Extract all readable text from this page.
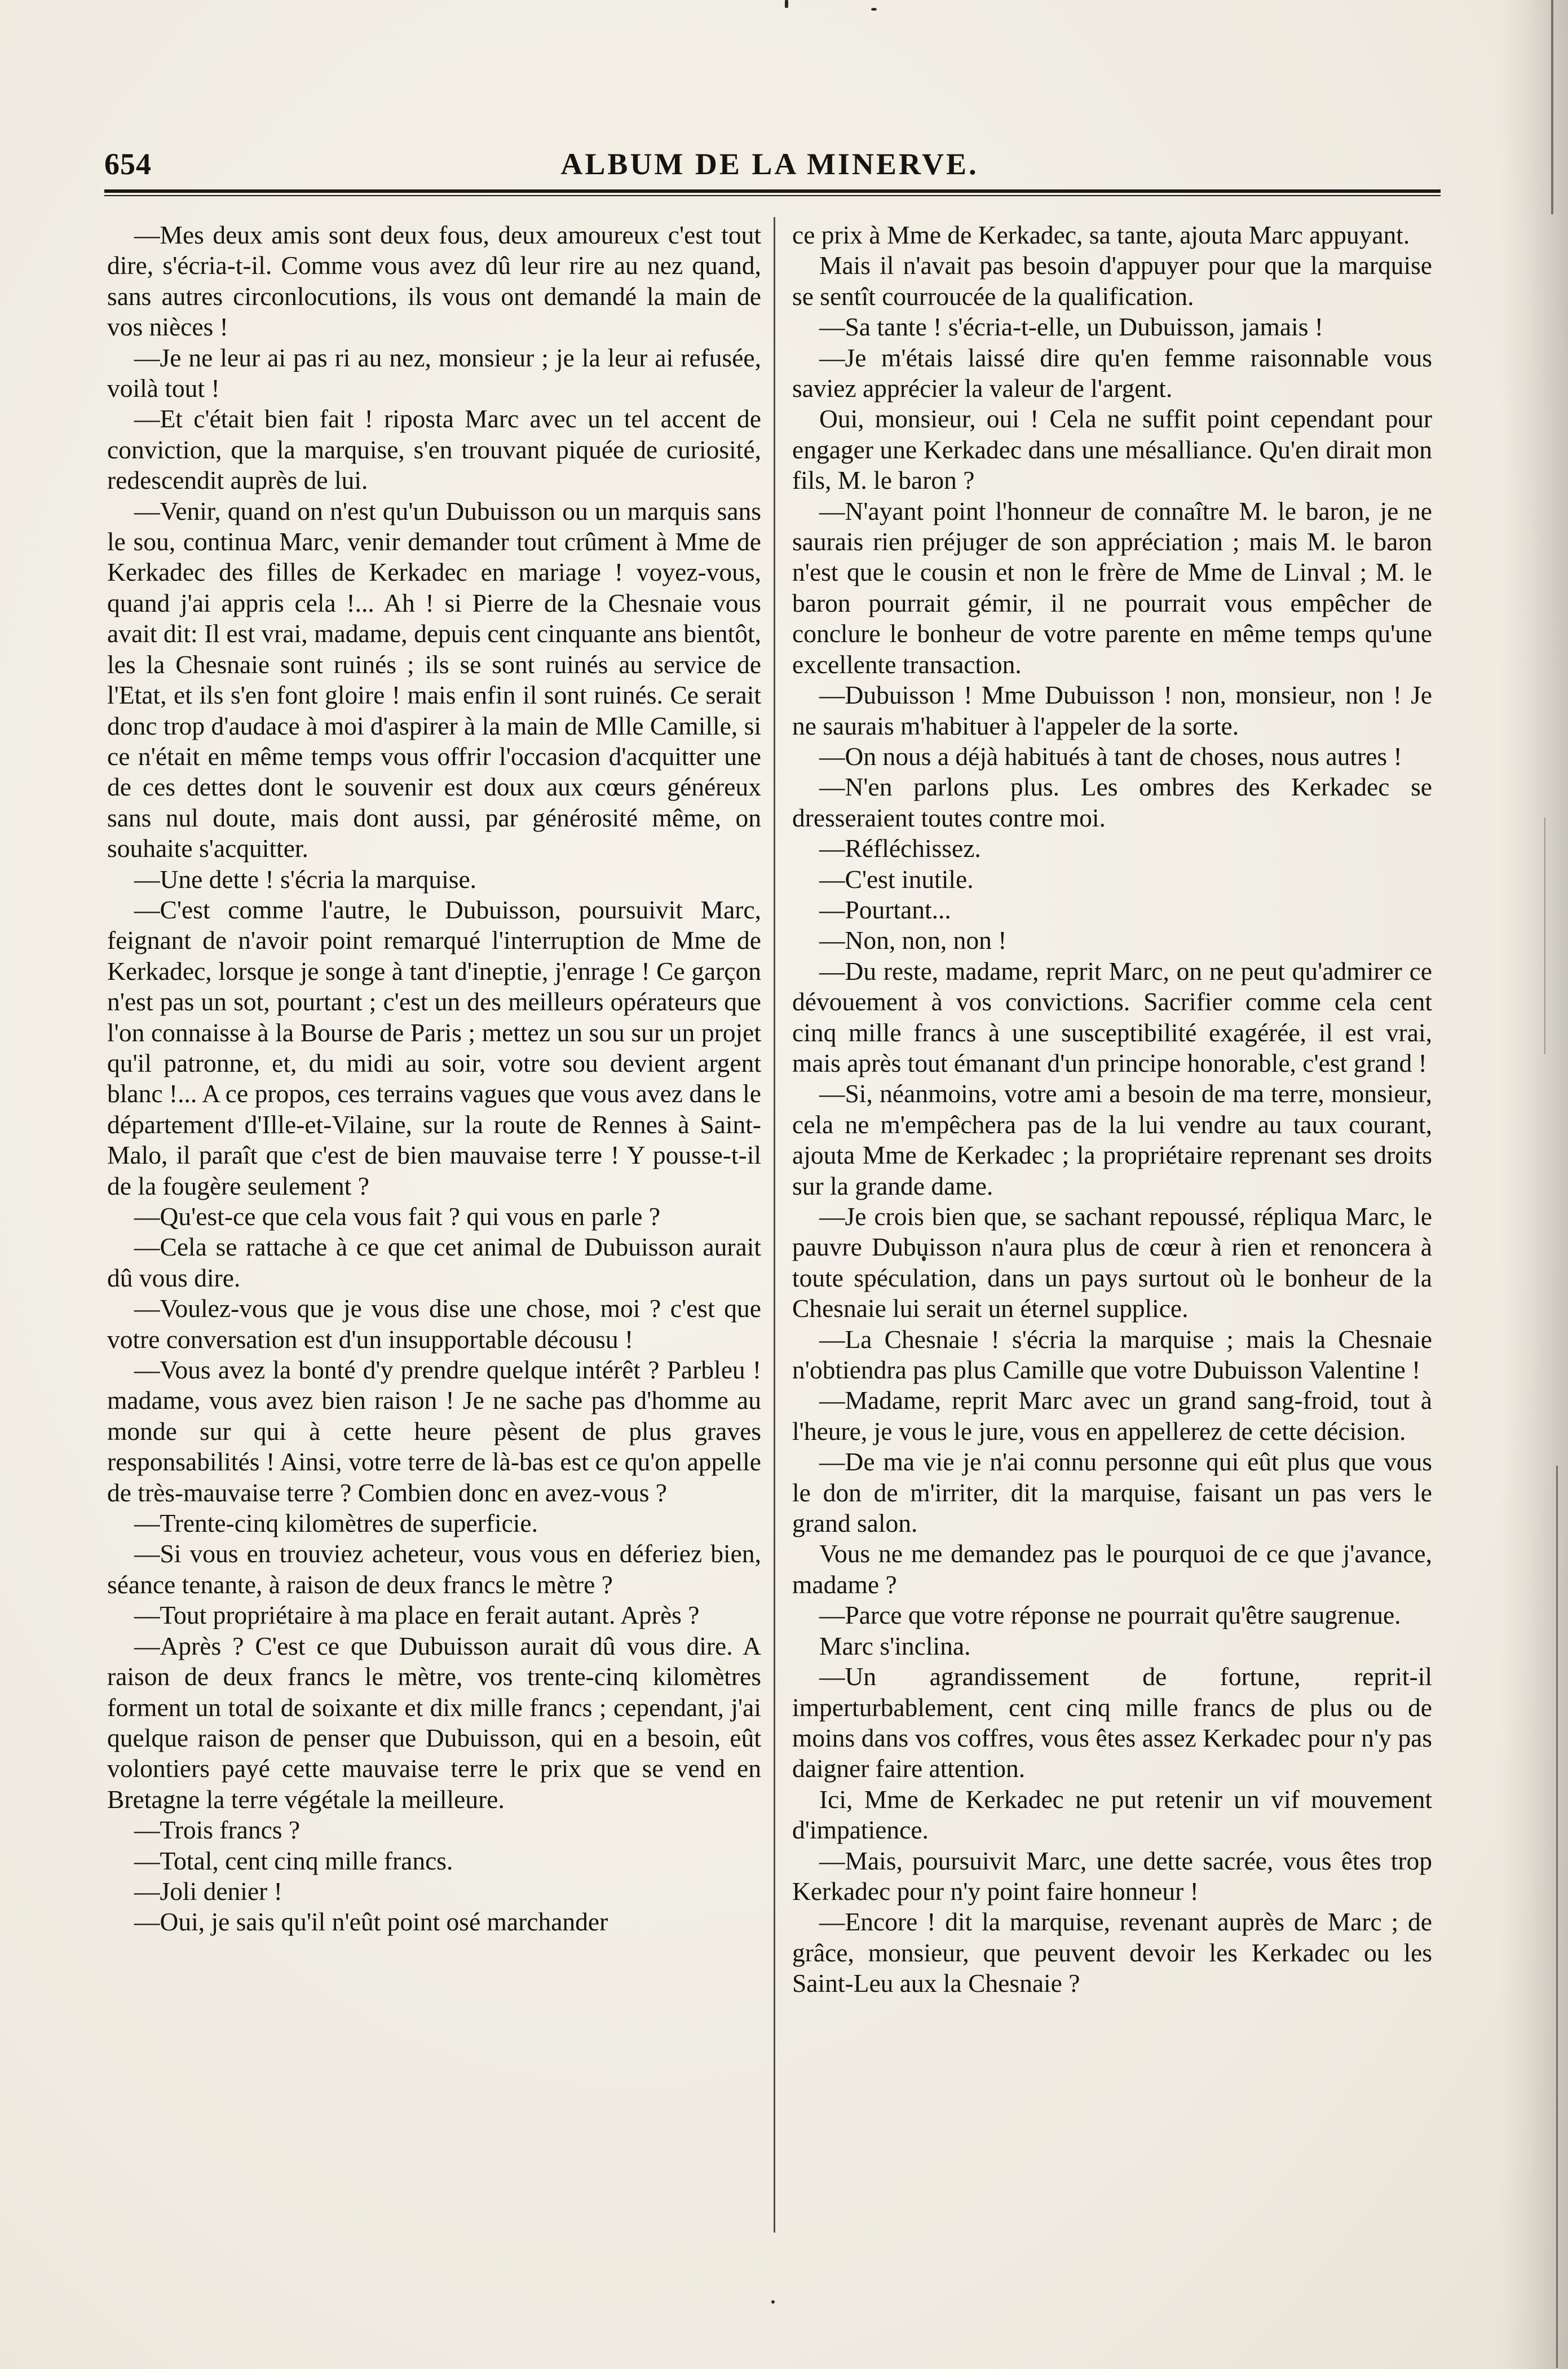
654	ALBUM DE LA MINERVE.

—Mes deux amis sont deux fous, deux amoureux c'est tout dire, s'écria-t-il. Comme vous avez dû leur rire au nez quand, sans autres circonlocutions, ils vous ont demandé la main de vos nièces !

—Je ne leur ai pas ri au nez, monsieur ; je la leur ai refusée, voilà tout !

—Et c'était bien fait ! riposta Marc avec un tel accent de conviction, que la marquise, s'en trouvant piquée de curiosité, redescendit auprès de lui.

—Venir, quand on n'est qu'un Dubuisson ou un marquis sans le sou, continua Marc, venir demander tout crûment à Mme de Kerkadec des filles de Kerkadec en mariage ! voyez-vous, quand j'ai appris cela !... Ah ! si Pierre de la Chesnaie vous avait dit: Il est vrai, madame, depuis cent cinquante ans bientôt, les la Chesnaie sont ruinés ; ils se sont ruinés au service de l'Etat, et ils s'en font gloire ! mais enfin il sont ruinés. Ce serait donc trop d'audace à moi d'aspirer à la main de Mlle Camille, si ce n'était en même temps vous offrir l'occasion d'acquitter une de ces dettes dont le souvenir est doux aux cœurs généreux sans nul doute, mais dont aussi, par générosité même, on souhaite s'acquitter.

—Une dette ! s'écria la marquise.

—C'est comme l'autre, le Dubuisson, poursuivit Marc, feignant de n'avoir point remarqué l'interruption de Mme de Kerkadec, lorsque je songe à tant d'ineptie, j'enrage ! Ce garçon n'est pas un sot, pourtant ; c'est un des meilleurs opérateurs que l'on connaisse à la Bourse de Paris ; mettez un sou sur un projet qu'il patronne, et, du midi au soir, votre sou devient argent blanc !... A ce propos, ces terrains vagues que vous avez dans le département d'Ille-et-Vilaine, sur la route de Rennes à Saint-Malo, il paraît que c'est de bien mauvaise terre ! Y pousse-t-il de la fougère seulement ?

—Qu'est-ce que cela vous fait ? qui vous en parle ?

—Cela se rattache à ce que cet animal de Dubuisson aurait dû vous dire.

—Voulez-vous que je vous dise une chose, moi ? c'est que votre conversation est d'un insupportable décousu !

—Vous avez la bonté d'y prendre quelque intérêt ? Parbleu ! madame, vous avez bien raison ! Je ne sache pas d'homme au monde sur qui à cette heure pèsent de plus graves responsabilités ! Ainsi, votre terre de là-bas est ce qu'on appelle de très-mauvaise terre ? Combien donc en avez-vous ?

—Trente-cinq kilomètres de superficie.

—Si vous en trouviez acheteur, vous vous en déferiez bien, séance tenante, à raison de deux francs le mètre ?

—Tout propriétaire à ma place en ferait autant. Après ?

—Après ? C'est ce que Dubuisson aurait dû vous dire. A raison de deux francs le mètre, vos trente-cinq kilomètres forment un total de soixante et dix mille francs ; cependant, j'ai quelque raison de penser que Dubuisson, qui en a besoin, eût volontiers payé cette mauvaise terre le prix que se vend en Bretagne la terre végétale la meilleure.

—Trois francs ?

—Total, cent cinq mille francs.

—Joli denier !

—Oui, je sais qu'il n'eût point osé marchander

ce prix à Mme de Kerkadec, sa tante, ajouta Marc appuyant.

Mais il n'avait pas besoin d'appuyer pour que la marquise se sentît courroucée de la qualification.

—Sa tante ! s'écria-t-elle, un Dubuisson, jamais !

—Je m'étais laissé dire qu'en femme raisonnable vous saviez apprécier la valeur de l'argent.

Oui, monsieur, oui ! Cela ne suffit point cependant pour engager une Kerkadec dans une mésalliance. Qu'en dirait mon fils, M. le baron ?

—N'ayant point l'honneur de connaître M. le baron, je ne saurais rien préjuger de son appréciation ; mais M. le baron n'est que le cousin et non le frère de Mme de Linval ; M. le baron pourrait gémir, il ne pourrait vous empêcher de conclure le bonheur de votre parente en même temps qu'une excellente transaction.

—Dubuisson ! Mme Dubuisson ! non, monsieur, non ! Je ne saurais m'habituer à l'appeler de la sorte.

—On nous a déjà habitués à tant de choses, nous autres !

—N'en parlons plus. Les ombres des Kerkadec se dresseraient toutes contre moi.

—Réfléchissez.

—C'est inutile.

—Pourtant...

—Non, non, non !

—Du reste, madame, reprit Marc, on ne peut qu'admirer ce dévouement à vos convictions. Sacrifier comme cela cent cinq mille francs à une susceptibilité exagérée, il est vrai, mais après tout émanant d'un principe honorable, c'est grand !

—Si, néanmoins, votre ami a besoin de ma terre, monsieur, cela ne m'empêchera pas de la lui vendre au taux courant, ajouta Mme de Kerkadec ; la propriétaire reprenant ses droits sur la grande dame.

—Je crois bien que, se sachant repoussé, répliqua Marc, le pauvre Dubuisson n'aura plus de cœur à rien et renoncera à toute spéculation, dans un pays surtout où le bonheur de la Chesnaie lui serait un éternel supplice.

—La Chesnaie ! s'écria la marquise ; mais la Chesnaie n'obtiendra pas plus Camille que votre Dubuisson Valentine !

—Madame, reprit Marc avec un grand sang-froid, tout à l'heure, je vous le jure, vous en appellerez de cette décision.

—De ma vie je n'ai connu personne qui eût plus que vous le don de m'irriter, dit la marquise, faisant un pas vers le grand salon.

Vous ne me demandez pas le pourquoi de ce que j'avance, madame ?

—Parce que votre réponse ne pourrait qu'être saugrenue.

Marc s'inclina.

—Un agrandissement de fortune, reprit-il imperturbablement, cent cinq mille francs de plus ou de moins dans vos coffres, vous êtes assez Kerkadec pour n'y pas daigner faire attention.

Ici, Mme de Kerkadec ne put retenir un vif mouvement d'impatience.

—Mais, poursuivit Marc, une dette sacrée, vous êtes trop Kerkadec pour n'y point faire honneur !

—Encore ! dit la marquise, revenant auprès de Marc ; de grâce, monsieur, que peuvent devoir les Kerkadec ou les Saint-Leu aux la Chesnaie ?
